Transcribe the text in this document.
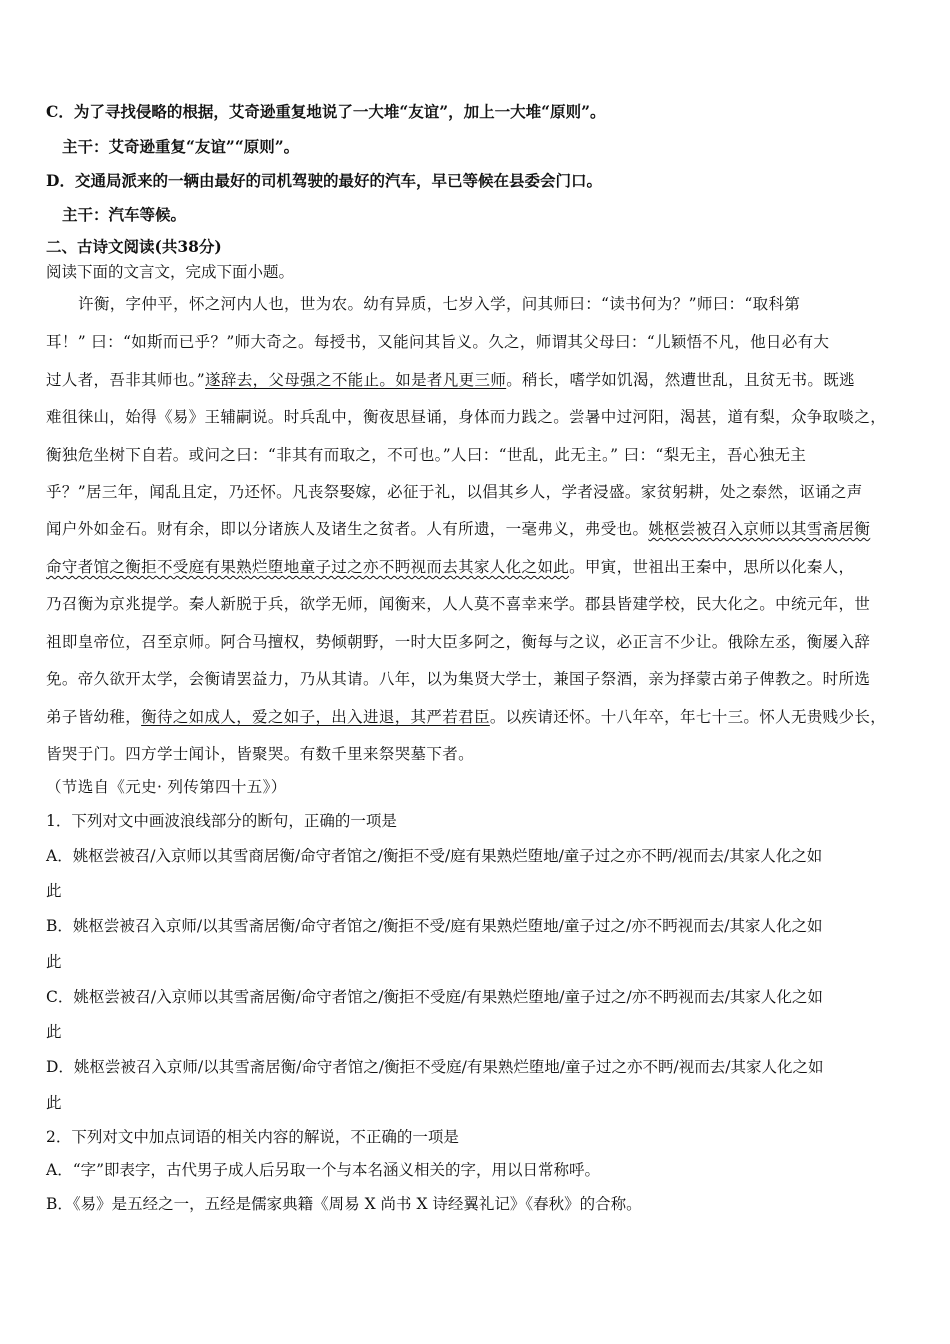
C．为了寻找侵略的根据，艾奇逊重复地说了一大堆“友谊”，加上一大堆“原则”。
主干：艾奇逊重复“友谊”“原则”。
D．交通局派来的一辆由最好的司机驾驶的最好的汽车，早已等候在县委会门口。
主干：汽车等候。
二、古诗文阅读(共38分)
阅读下面的文言文，完成下面小题。
许衡，字仲平，怀之河内人也，世为农。幼有异质，七岁入学，问其师曰：“读书何为？”师曰：“取科第
耳！” 曰：“如斯而已乎？”师大奇之。每授书，又能问其旨义。久之，师谓其父母曰：“儿颖悟不凡，他日必有大
过人者，吾非其师也。”遂辞去，父母强之不能止。如是者凡更三师。稍长，嗜学如饥渴，然遭世乱，且贫无书。既逃
难徂徕山，始得《易》王辅嗣说。时兵乱中，衡夜思昼诵，身体而力践之。尝暑中过河阳，渴甚，道有梨，众争取啖之，
衡独危坐树下自若。或问之曰：“非其有而取之，不可也。”人曰：“世乱，此无主。” 曰：“梨无主，吾心独无主
乎？”居三年，闻乱且定，乃还怀。凡丧祭娶嫁，必征于礼，以倡其乡人，学者浸盛。家贫躬耕，处之泰然，讴诵之声
闻户外如金石。财有余，即以分诸族人及诸生之贫者。人有所遗，一毫弗义，弗受也。姚枢尝被召入京师以其雪斋居衡
命守者馆之衡拒不受庭有果熟烂堕地童子过之亦不眄视而去其家人化之如此。甲寅，世祖出王秦中，思所以化秦人，
乃召衡为京兆提学。秦人新脱于兵，欲学无师，闻衡来，人人莫不喜幸来学。郡县皆建学校，民大化之。中统元年，世
祖即皇帝位，召至京师。阿合马擅权，势倾朝野，一时大臣多阿之，衡每与之议，必正言不少让。俄除左丞，衡屡入辞
免。帝久欲开太学，会衡请罢益力，乃从其请。八年，以为集贤大学士，兼国子祭酒，亲为择蒙古弟子俾教之。时所选
弟子皆幼稚，衡待之如成人，爱之如子，出入进退，其严若君臣。以疾请还怀。十八年卒，年七十三。怀人无贵贱少长，
皆哭于门。四方学士闻讣，皆聚哭。有数千里来祭哭墓下者。
（节选自《元史· 列传第四十五》）
1．下列对文中画波浪线部分的断句，正确的一项是
A．姚枢尝被召/入京师以其雪商居衡/命守者馆之/衡拒不受/庭有果熟烂堕地/童子过之亦不眄/视而去/其家人化之如
此
B．姚枢尝被召入京师/以其雪斋居衡/命守者馆之/衡拒不受/庭有果熟烂堕地/童子过之/亦不眄视而去/其家人化之如
此
C．姚枢尝被召/入京师以其雪斋居衡/命守者馆之/衡拒不受庭/有果熟烂堕地/童子过之/亦不眄视而去/其家人化之如
此
D．姚枢尝被召入京师/以其雪斋居衡/命守者馆之/衡拒不受庭/有果熟烂堕地/童子过之亦不眄/视而去/其家人化之如
此
2．下列对文中加点词语的相关内容的解说，不正确的一项是
A．“字”即表字，古代男子成人后另取一个与本名涵义相关的字，用以日常称呼。
B．《易》是五经之一，五经是儒家典籍《周易 X 尚书 X 诗经翼礼记》《春秋》的合称。
